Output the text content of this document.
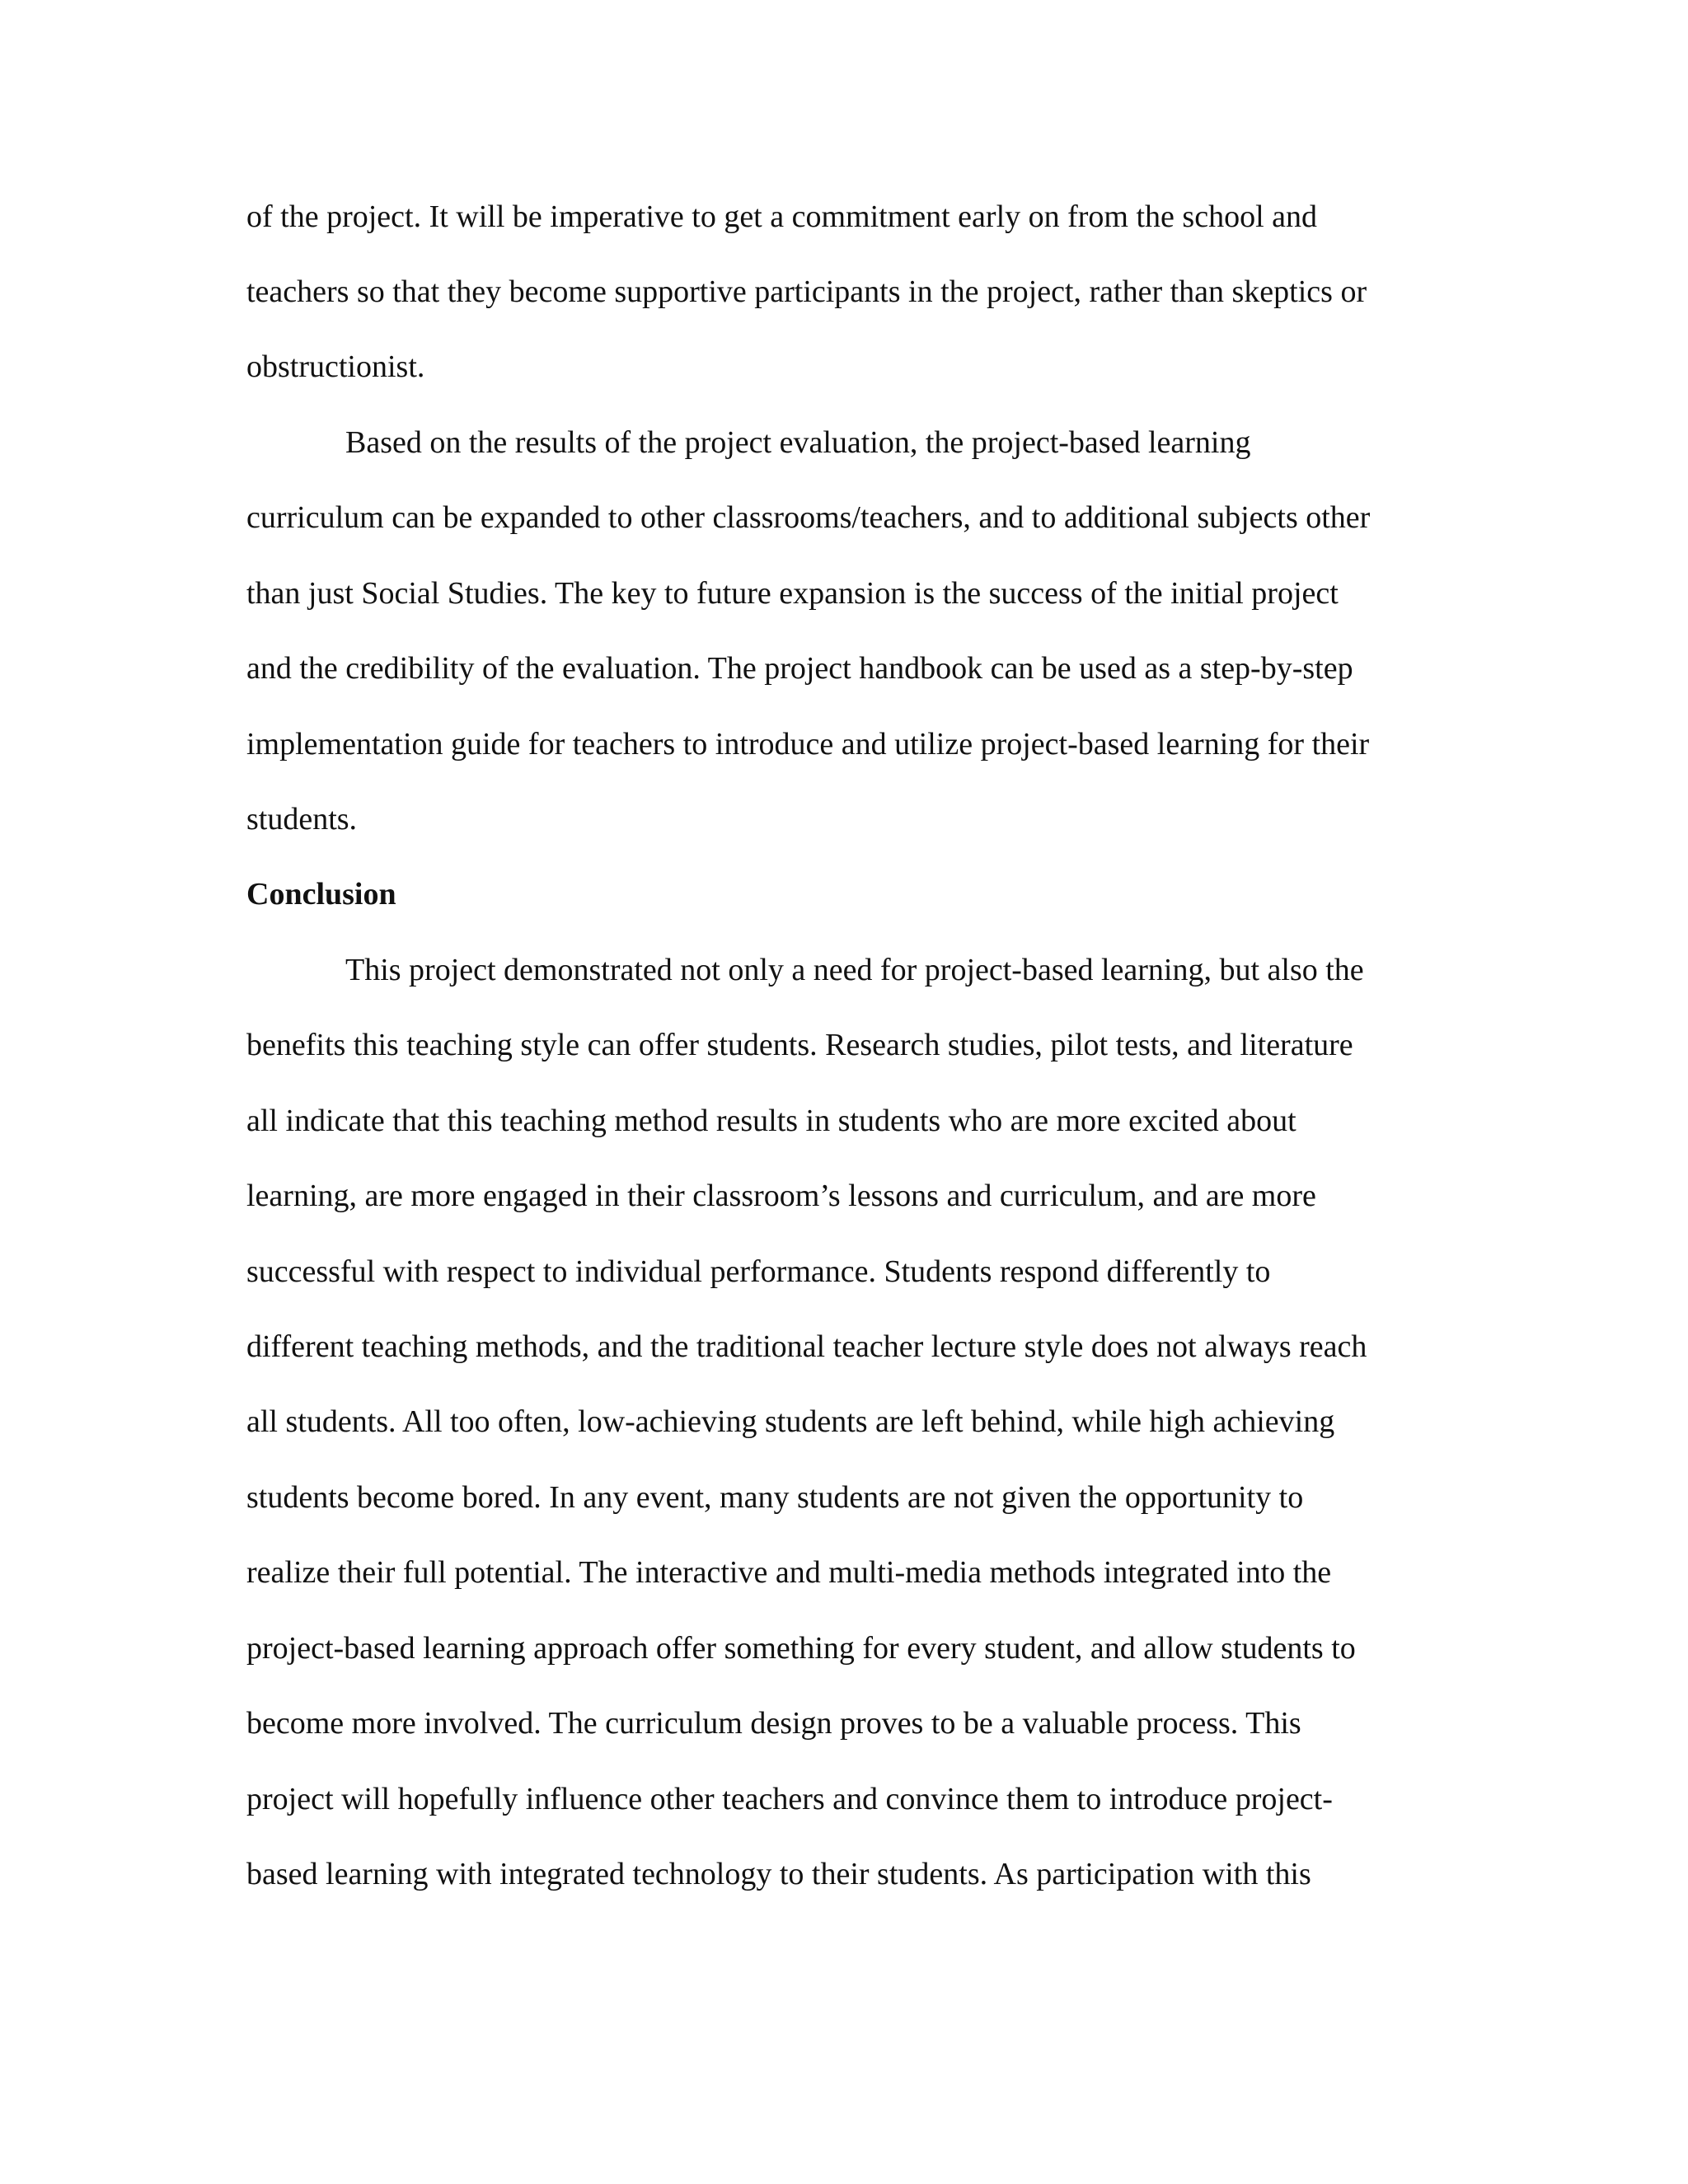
of the project. It will be imperative to get a commitment early on from the school and

teachers so that they become supportive participants in the project, rather than skeptics or

obstructionist.

Based on the results of the project evaluation, the project-based learning

curriculum can be expanded to other classrooms/teachers, and to additional subjects other

than just Social Studies. The key to future expansion is the success of the initial project

and the credibility of the evaluation. The project handbook can be used as a step-by-step

implementation guide for teachers to introduce and utilize project-based learning for their

students.

Conclusion

This project demonstrated not only a need for project-based learning, but also the

benefits this teaching style can offer students. Research studies, pilot tests, and literature

all indicate that this teaching method results in students who are more excited about

learning, are more engaged in their classroom’s lessons and curriculum, and are more

successful with respect to individual performance. Students respond differently to

different teaching methods, and the traditional teacher lecture style does not always reach

all students. All too often, low-achieving students are left behind, while high achieving

students become bored. In any event, many students are not given the opportunity to

realize their full potential. The interactive and multi-media methods integrated into the

project-based learning approach offer something for every student, and allow students to

become more involved. The curriculum design proves to be a valuable process. This

project will hopefully influence other teachers and convince them to introduce project-

based learning with integrated technology to their students. As participation with this
